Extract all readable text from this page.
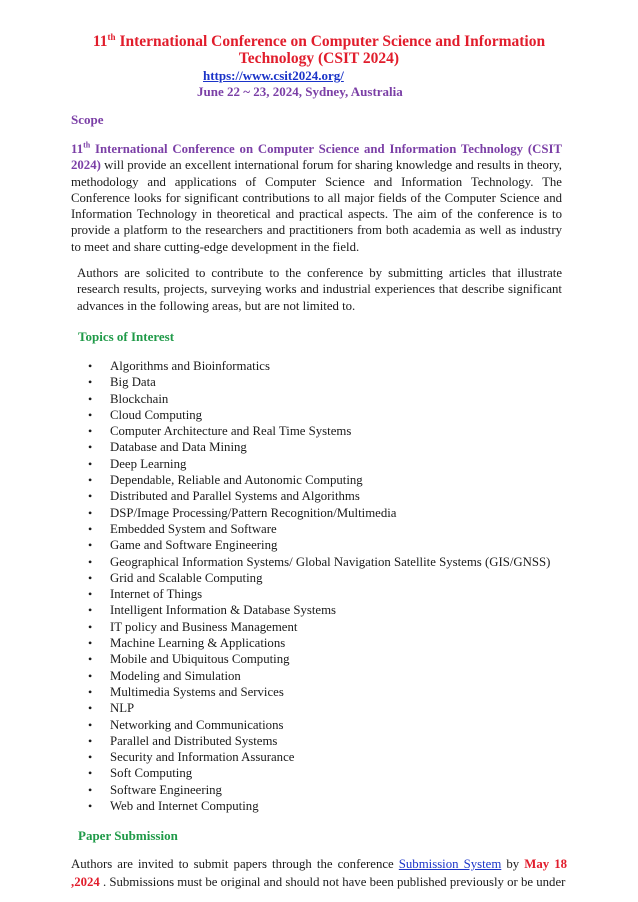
11th International Conference on Computer Science and Information
Technology (CSIT 2024)
https://www.csit2024.org/
June 22 ~ 23, 2024, Sydney, Australia
Scope
11th International Conference on Computer Science and Information Technology (CSIT 2024) will provide an excellent international forum for sharing knowledge and results in theory, methodology and applications of Computer Science and Information Technology. The Conference looks for significant contributions to all major fields of the Computer Science and Information Technology in theoretical and practical aspects. The aim of the conference is to provide a platform to the researchers and practitioners from both academia as well as industry to meet and share cutting-edge development in the field.
Authors are solicited to contribute to the conference by submitting articles that illustrate research results, projects, surveying works and industrial experiences that describe significant advances in the following areas, but are not limited to.
Topics of Interest
• Algorithms and Bioinformatics
• Big Data
• Blockchain
• Cloud Computing
• Computer Architecture and Real Time Systems
• Database and Data Mining
• Deep Learning
• Dependable, Reliable and Autonomic Computing
• Distributed and Parallel Systems and Algorithms
• DSP/Image Processing/Pattern Recognition/Multimedia
• Embedded System and Software
• Game and Software Engineering
• Geographical Information Systems/ Global Navigation Satellite Systems (GIS/GNSS)
• Grid and Scalable Computing
• Internet of Things
• Intelligent Information & Database Systems
• IT policy and Business Management
• Machine Learning & Applications
• Mobile and Ubiquitous Computing
• Modeling and Simulation
• Multimedia Systems and Services
• NLP
• Networking and Communications
• Parallel and Distributed Systems
• Security and Information Assurance
• Soft Computing
• Software Engineering
• Web and Internet Computing
Paper Submission
Authors are invited to submit papers through the conference Submission System by May 18 ,2024 . Submissions must be original and should not have been published previously or be under
